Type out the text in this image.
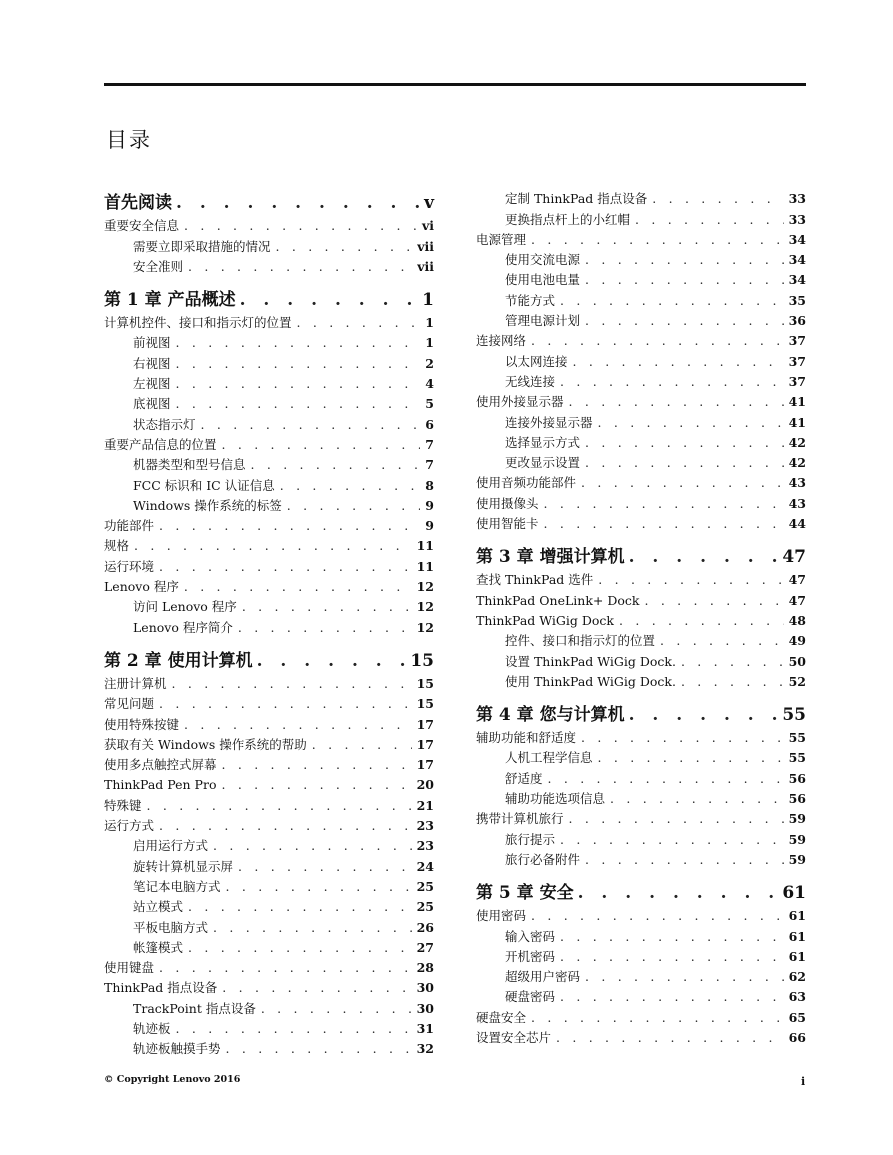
目录
首先阅读 . . .	v
重要安全信息 . . .	vi
需要立即采取措施的情况 . . .	vii
安全准则 . . .	vii
第 1 章 产品概述 . . .	1
计算机控件、接口和指示灯的位置 . . .	1
前视图 . . .	1
右视图 . . .	2
左视图 . . .	4
底视图 . . .	5
状态指示灯 . . .	6
重要产品信息的位置 . . .	7
机器类型和型号信息 . . .	7
FCC 标识和 IC 认证信息 . . .	8
Windows 操作系统的标签 . . .	9
功能部件 . . .	9
规格 . . .	11
运行环境 . . .	11
Lenovo 程序 . . .	12
访问 Lenovo 程序 . . .	12
Lenovo 程序简介 . . .	12
第 2 章 使用计算机 . . .	15
注册计算机 . . .	15
常见问题 . . .	15
使用特殊按键 . . .	17
获取有关 Windows 操作系统的帮助 . . .	17
使用多点触控式屏幕 . . .	17
ThinkPad Pen Pro . . .	20
特殊键 . . .	21
运行方式 . . .	23
启用运行方式 . . .	23
旋转计算机显示屏 . . .	24
笔记本电脑方式 . . .	25
站立模式 . . .	25
平板电脑方式 . . .	26
帐篷模式 . . .	27
使用键盘 . . .	28
ThinkPad 指点设备 . . .	30
TrackPoint 指点设备 . . .	30
轨迹板 . . .	31
轨迹板触摸手势 . . .	32
定制 ThinkPad 指点设备 . . .	33
更换指点杆上的小红帽 . . .	33
电源管理 . . .	34
使用交流电源 . . .	34
使用电池电量 . . .	34
节能方式 . . .	35
管理电源计划 . . .	36
连接网络 . . .	37
以太网连接 . . .	37
无线连接 . . .	37
使用外接显示器 . . .	41
连接外接显示器 . . .	41
选择显示方式 . . .	42
更改显示设置 . . .	42
使用音频功能部件 . . .	43
使用摄像头 . . .	43
使用智能卡 . . .	44
第 3 章 增强计算机 . . .	47
查找 ThinkPad 选件 . . .	47
ThinkPad OneLink+ Dock . . .	47
ThinkPad WiGig Dock . . .	48
控件、接口和指示灯的位置 . . .	49
设置 ThinkPad WiGig Dock. . . .	50
使用 ThinkPad WiGig Dock. . . .	52
第 4 章 您与计算机 . . .	55
辅助功能和舒适度 . . .	55
人机工程学信息 . . .	55
舒适度 . . .	56
辅助功能选项信息 . . .	56
携带计算机旅行 . . .	59
旅行提示 . . .	59
旅行必备附件 . . .	59
第 5 章 安全 . . .	61
使用密码 . . .	61
输入密码 . . .	61
开机密码 . . .	61
超级用户密码 . . .	62
硬盘密码 . . .	63
硬盘安全 . . .	65
设置安全芯片 . . .	66
© Copyright Lenovo 2016	i
